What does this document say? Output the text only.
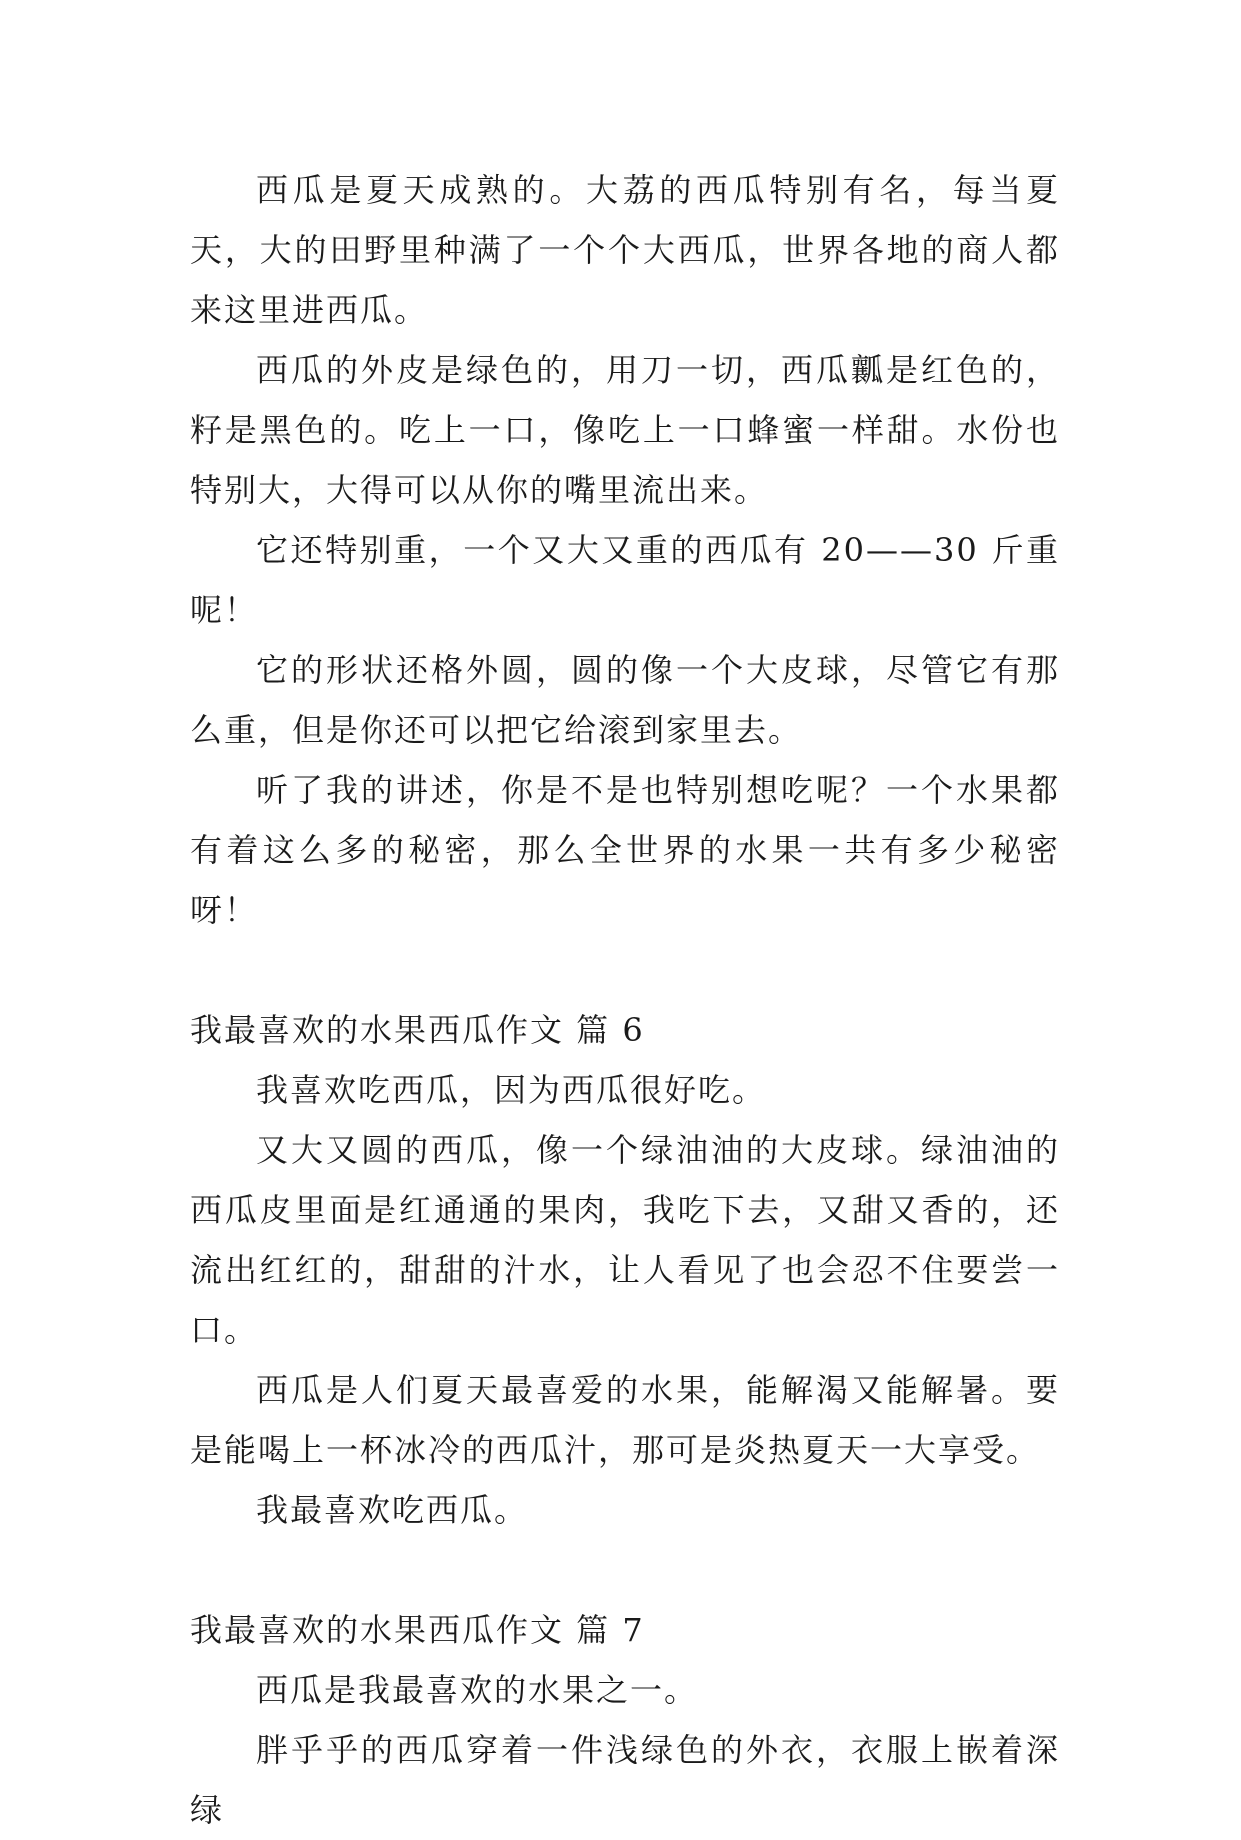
西瓜是夏天成熟的。大荔的西瓜特别有名，每当夏天，大的田野里种满了一个个大西瓜，世界各地的商人都来这里进西瓜。

西瓜的外皮是绿色的，用刀一切，西瓜瓤是红色的，籽是黑色的。吃上一口，像吃上一口蜂蜜一样甜。水份也特别大，大得可以从你的嘴里流出来。

它还特别重，一个又大又重的西瓜有 20——30 斤重呢！

它的形状还格外圆，圆的像一个大皮球，尽管它有那么重，但是你还可以把它给滚到家里去。

听了我的讲述，你是不是也特别想吃呢？一个水果都有着这么多的秘密，那么全世界的水果一共有多少秘密呀！

我最喜欢的水果西瓜作文 篇 6

我喜欢吃西瓜，因为西瓜很好吃。

又大又圆的西瓜，像一个绿油油的大皮球。绿油油的西瓜皮里面是红通通的果肉，我吃下去，又甜又香的，还流出红红的，甜甜的汁水，让人看见了也会忍不住要尝一口。

西瓜是人们夏天最喜爱的水果，能解渴又能解暑。要是能喝上一杯冰冷的西瓜汁，那可是炎热夏天一大享受。

我最喜欢吃西瓜。

我最喜欢的水果西瓜作文 篇 7

西瓜是我最喜欢的水果之一。

胖乎乎的西瓜穿着一件浅绿色的外衣，衣服上嵌着深绿
